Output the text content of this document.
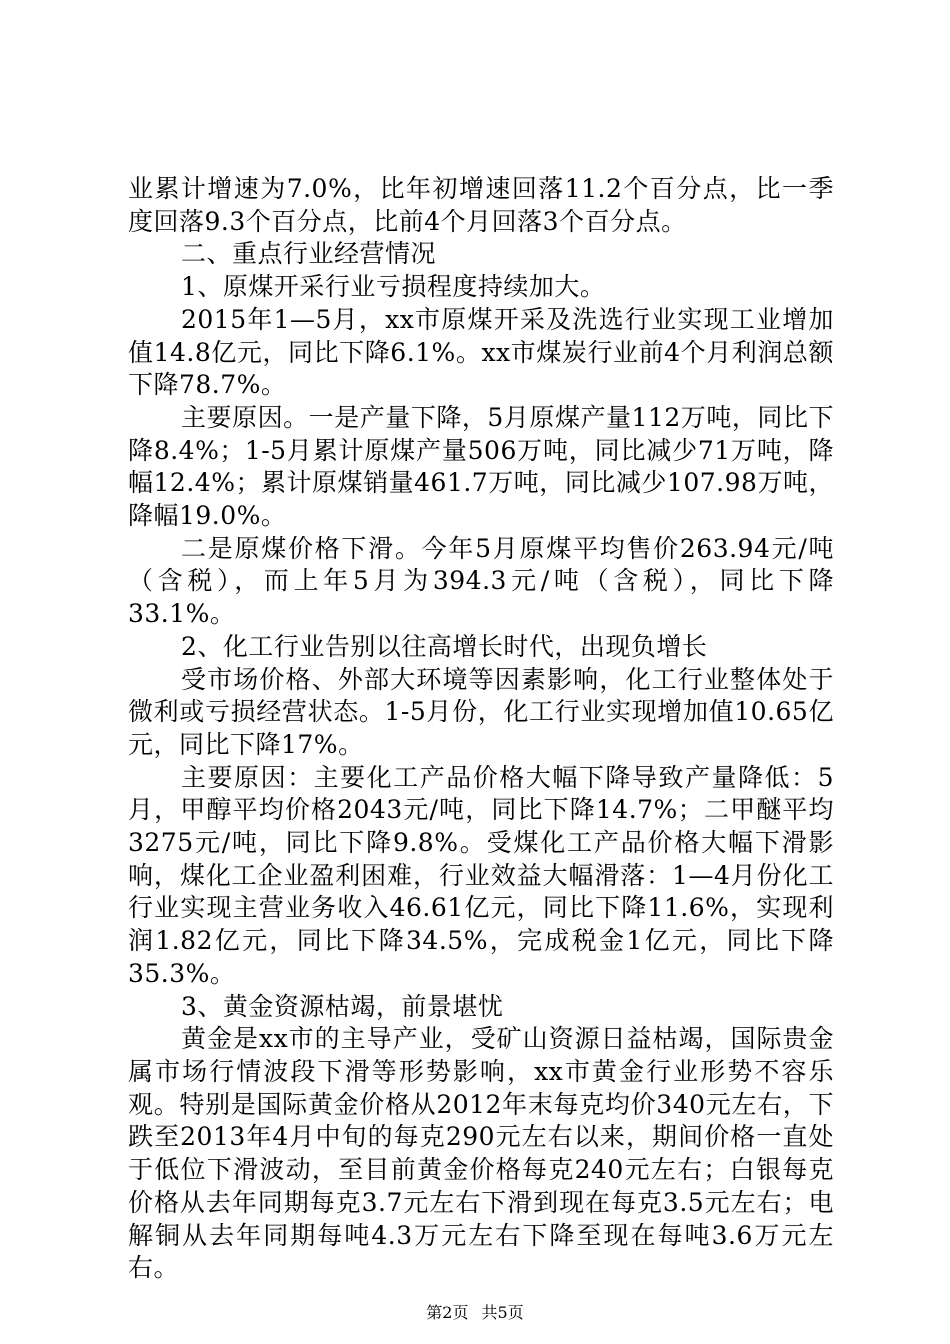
业累计增速为7.0%，比年初增速回落11.2个百分点，比一季度回落9.3个百分点，比前4个月回落3个百分点。

二、重点行业经营情况

1、原煤开采行业亏损程度持续加大。

2015年1—5月，xx市原煤开采及洗选行业实现工业增加值14.8亿元，同比下降6.1%。xx市煤炭行业前4个月利润总额下降78.7%。

主要原因。一是产量下降，5月原煤产量112万吨，同比下降8.4%；1-5月累计原煤产量506万吨，同比减少71万吨，降幅12.4%；累计原煤销量461.7万吨，同比减少107.98万吨，降幅19.0%。

二是原煤价格下滑。今年5月原煤平均售价263.94元/吨（含税），而上年5月为394.3元/吨（含税），同比下降33.1%。

2、化工行业告别以往高增长时代，出现负增长

受市场价格、外部大环境等因素影响，化工行业整体处于微利或亏损经营状态。1-5月份，化工行业实现增加值10.65亿元，同比下降17%。

主要原因：主要化工产品价格大幅下降导致产量降低：5月，甲醇平均价格2043元/吨，同比下降14.7%；二甲醚平均3275元/吨，同比下降9.8%。受煤化工产品价格大幅下滑影响，煤化工企业盈利困难，行业效益大幅滑落：1—4月份化工行业实现主营业务收入46.61亿元，同比下降11.6%，实现利润1.82亿元，同比下降34.5%，完成税金1亿元，同比下降35.3%。

3、黄金资源枯竭，前景堪忧

黄金是xx市的主导产业，受矿山资源日益枯竭，国际贵金属市场行情波段下滑等形势影响，xx市黄金行业形势不容乐观。特别是国际黄金价格从2012年末每克均价340元左右，下跌至2013年4月中旬的每克290元左右以来，期间价格一直处于低位下滑波动，至目前黄金价格每克240元左右；白银每克价格从去年同期每克3.7元左右下滑到现在每克3.5元左右；电解铜从去年同期每吨4.3万元左右下降至现在每吨3.6万元左右。

第2页 共5页
